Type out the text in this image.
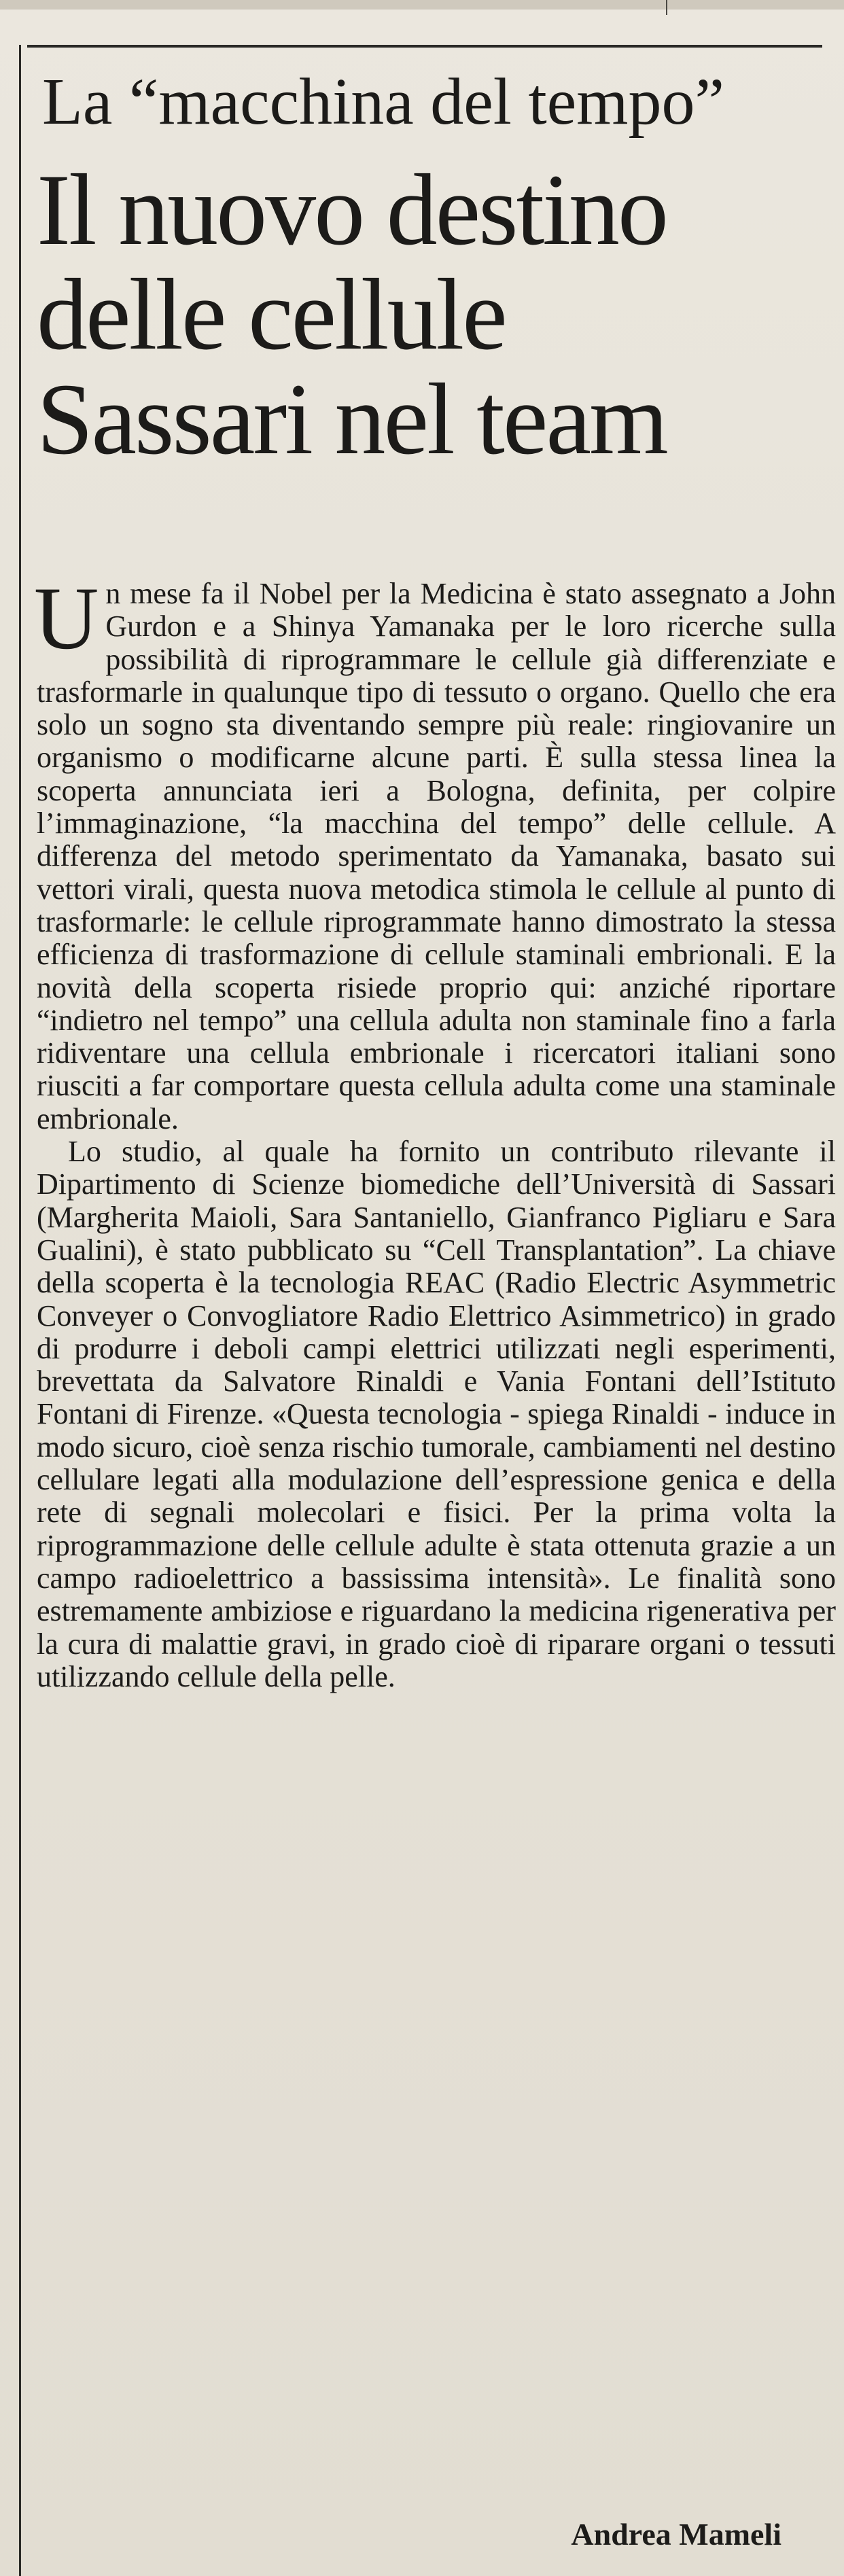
La “macchina del tempo”
Il nuovo destino
delle cellule
Sassari nel team

Un mese fa il Nobel per la Medicina è stato assegnato a John Gurdon e a Shinya Yamanaka per le loro ricerche sulla possibilità di riprogrammare le cellule già differenziate e trasformarle in qualunque tipo di tessuto o organo. Quello che era solo un sogno sta diventando sempre più reale: ringiovanire un organismo o modificarne alcune parti. È sulla stessa linea la scoperta annunciata ieri a Bologna, definita, per colpire l’immaginazione, “la macchina del tempo” delle cellule. A differenza del metodo sperimentato da Yamanaka, basato sui vettori virali, questa nuova metodica stimola le cellule al punto di trasformarle: le cellule riprogrammate hanno dimostrato la stessa efficienza di trasformazione di cellule staminali embrionali. E la novità della scoperta risiede proprio qui: anziché riportare “indietro nel tempo” una cellula adulta non staminale fino a farla ridiventare una cellula embrionale i ricercatori italiani sono riusciti a far comportare questa cellula adulta come una staminale embrionale.

Lo studio, al quale ha fornito un contributo rilevante il Dipartimento di Scienze biomediche dell’Università di Sassari (Margherita Maioli, Sara Santaniello, Gianfranco Pigliaru e Sara Gualini), è stato pubblicato su “Cell Transplantation”. La chiave della scoperta è la tecnologia REAC (Radio Electric Asymmetric Conveyer o Convogliatore Radio Elettrico Asimmetrico) in grado di produrre i deboli campi elettrici utilizzati negli esperimenti, brevettata da Salvatore Rinaldi e Vania Fontani dell’Istituto Fontani di Firenze. «Questa tecnologia - spiega Rinaldi - induce in modo sicuro, cioè senza rischio tumorale, cambiamenti nel destino cellulare legati alla modulazione dell’espressione genica e della rete di segnali molecolari e fisici. Per la prima volta la riprogrammazione delle cellule adulte è stata ottenuta grazie a un campo radioelettrico a bassissima intensità». Le finalità sono estremamente ambiziose e riguardano la medicina rigenerativa per la cura di malattie gravi, in grado cioè di riparare organi o tessuti utilizzando cellule della pelle.

Andrea Mameli
